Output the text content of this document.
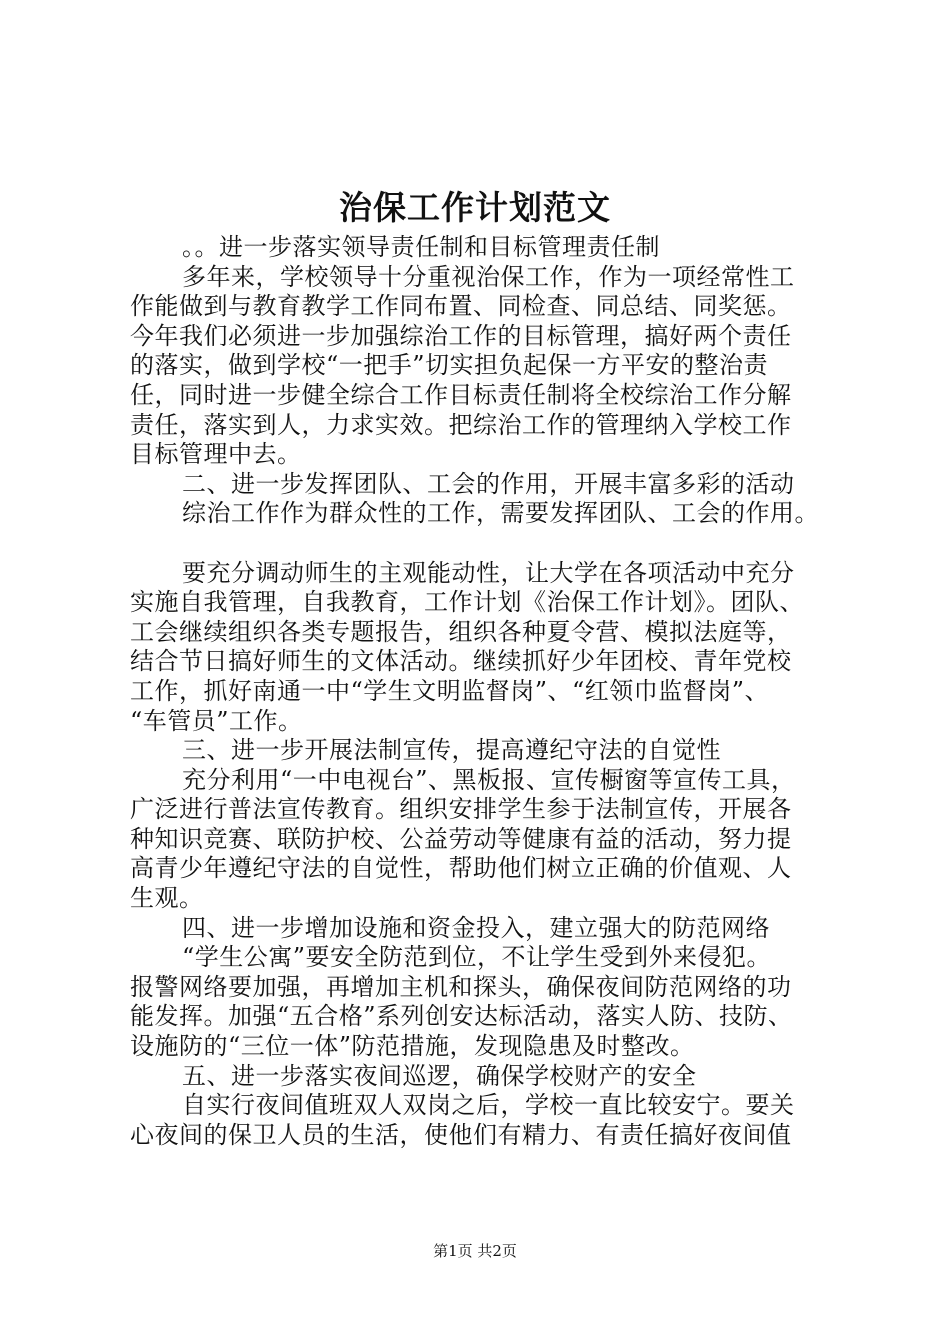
治保工作计划范文
。。进一步落实领导责任制和目标管理责任制
多年来，学校领导十分重视治保工作，作为一项经常性工
作能做到与教育教学工作同布置、同检查、同总结、同奖惩。
今年我们必须进一步加强综治工作的目标管理，搞好两个责任
的落实，做到学校“一把手”切实担负起保一方平安的整治责
任，同时进一步健全综合工作目标责任制将全校综治工作分解
责任，落实到人，力求实效。把综治工作的管理纳入学校工作
目标管理中去。
二、进一步发挥团队、工会的作用，开展丰富多彩的活动
综治工作作为群众性的工作，需要发挥团队、工会的作用。
要充分调动师生的主观能动性，让大学在各项活动中充分
实施自我管理，自我教育，工作计划《治保工作计划》。团队、
工会继续组织各类专题报告，组织各种夏令营、模拟法庭等，
结合节日搞好师生的文体活动。继续抓好少年团校、青年党校
工作，抓好南通一中“学生文明监督岗”、“红领巾监督岗”、
“车管员”工作。
三、进一步开展法制宣传，提高遵纪守法的自觉性
充分利用“一中电视台”、黑板报、宣传橱窗等宣传工具，
广泛进行普法宣传教育。组织安排学生参于法制宣传，开展各
种知识竞赛、联防护校、公益劳动等健康有益的活动，努力提
高青少年遵纪守法的自觉性，帮助他们树立正确的价值观、人
生观。
四、进一步增加设施和资金投入，建立强大的防范网络
“学生公寓”要安全防范到位，不让学生受到外来侵犯。
报警网络要加强，再增加主机和探头，确保夜间防范网络的功
能发挥。加强“五合格”系列创安达标活动，落实人防、技防、
设施防的“三位一体”防范措施，发现隐患及时整改。
五、进一步落实夜间巡逻，确保学校财产的安全
自实行夜间值班双人双岗之后，学校一直比较安宁。要关
心夜间的保卫人员的生活，使他们有精力、有责任搞好夜间值
第1页 共2页
